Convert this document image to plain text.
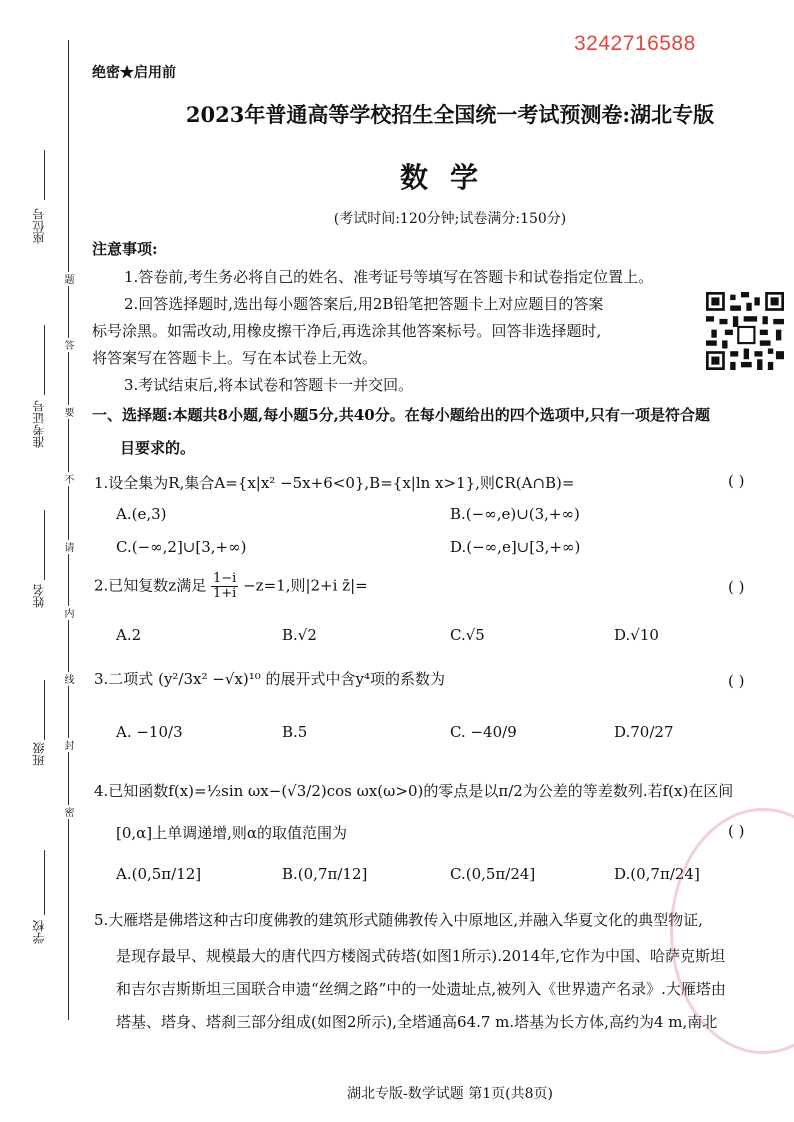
3242716588
绝密★启用前
2023年普通高等学校招生全国统一考试预测卷:湖北专版
数学
(考试时间:120分钟;试卷满分:150分)
座位号
准考证号
姓名
班级
学校
题
答
要
不
请
内
线
封
密
注意事项:
1.答卷前,考生务必将自己的姓名、准考证号等填写在答题卡和试卷指定位置上。
2.回答选择题时,选出每小题答案后,用2B铅笔把答题卡上对应题目的答案
标号涂黑。如需改动,用橡皮擦干净后,再选涂其他答案标号。回答非选择题时,
将答案写在答题卡上。写在本试卷上无效。
3.考试结束后,将本试卷和答题卡一并交回。
一、选择题:本题共8小题,每小题5分,共40分。在每小题给出的四个选项中,只有一项是符合题
目要求的。
1.设全集为R,集合A={x|x² −5x+6<0},B={x|ln x>1},则∁R(A∩B)=	( )
A.(e,3)	B.(−∞,e)∪(3,+∞)
C.(−∞,2]∪[3,+∞)	D.(−∞,e]∪[3,+∞)
2.已知复数z满足 $\frac{1-i}{1+i} -z=1$,则|2+i z̄|=	( )
A.2	B.√2	C.√5	D.√10
3.二项式 (y²/3x² −√x)¹⁰ 的展开式中含y⁴项的系数为	( )
A. −10/3	B.5	C. −40/9	D.70/27
4.已知函数f(x)=½sin ωx−(√3/2)cos ωx(ω>0)的零点是以π/2为公差的等差数列.若f(x)在区间
[0,α]上单调递增,则α的取值范围为	( )
A.(0,5π/12]	B.(0,7π/12]	C.(0,5π/24]	D.(0,7π/24]
5.大雁塔是佛塔这种古印度佛教的建筑形式随佛教传入中原地区,并融入华夏文化的典型物证,
是现存最早、规模最大的唐代四方楼阁式砖塔(如图1所示).2014年,它作为中国、哈萨克斯坦
和吉尔吉斯斯坦三国联合申遗“丝绸之路”中的一处遗址点,被列入《世界遗产名录》.大雁塔由
塔基、塔身、塔刹三部分组成(如图2所示),全塔通高64.7 m.塔基为长方体,高约为4 m,南北
湖北专版-数学试题 第1页(共8页)
